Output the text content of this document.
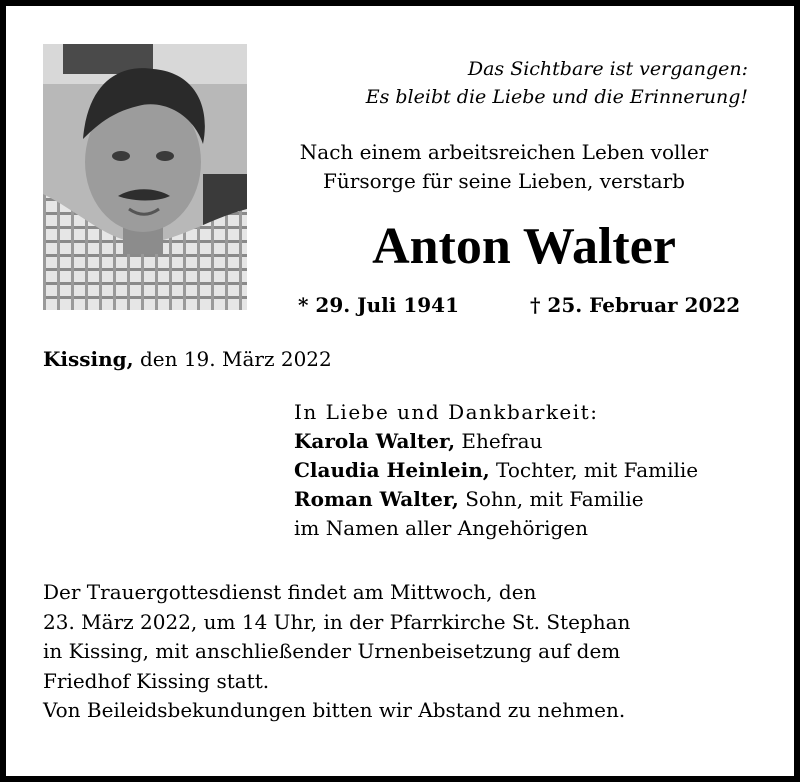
Das Sichtbare ist vergangen:
Es bleibt die Liebe und die Erinnerung!
Nach einem arbeitsreichen Leben voller
Fürsorge für seine Lieben, verstarb
Anton Walter
* 29. Juli 1941	† 25. Februar 2022
Kissing, den 19. März 2022
In Liebe und Dankbarkeit:
Karola Walter, Ehefrau
Claudia Heinlein, Tochter, mit Familie
Roman Walter, Sohn, mit Familie
im Namen aller Angehörigen
Der Trauergottesdienst findet am Mittwoch, den
23. März 2022, um 14 Uhr, in der Pfarrkirche St. Stephan
in Kissing, mit anschließender Urnenbeisetzung auf dem
Friedhof Kissing statt.
Von Beileidsbekundungen bitten wir Abstand zu nehmen.
